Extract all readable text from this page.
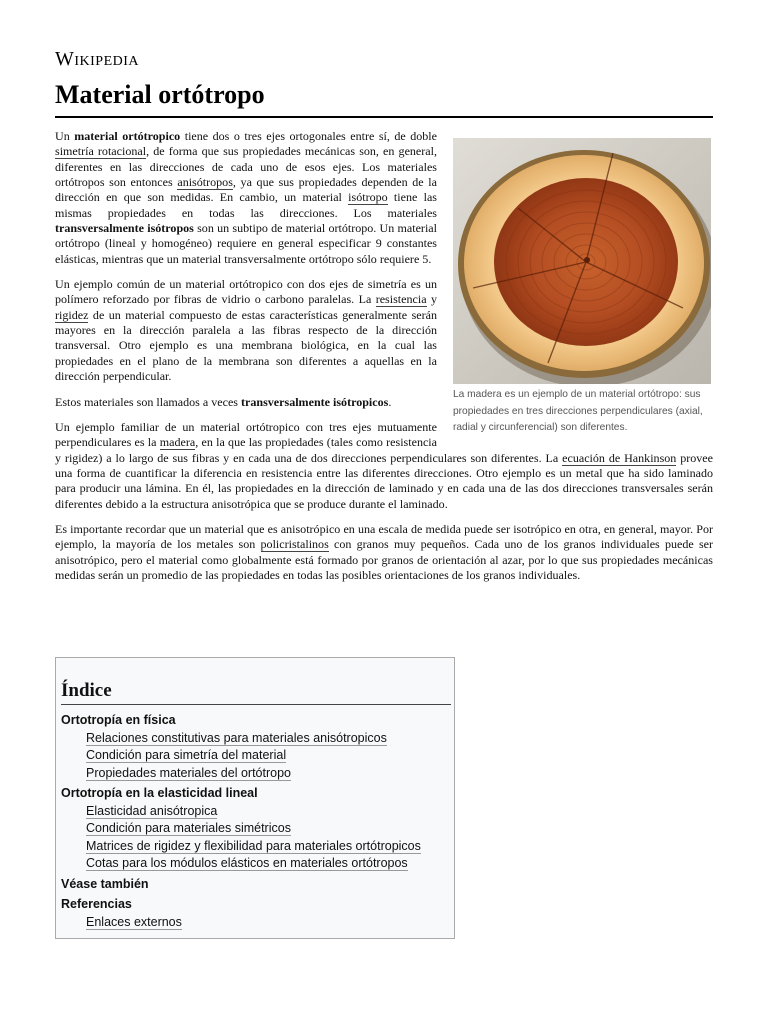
Wikipedia
Material ortótropo
La madera es un ejemplo de un material ortótropo: sus propiedades en tres direcciones perpendiculares (axial, radial y circunferencial) son diferentes.

Un material ortótropico tiene dos o tres ejes ortogonales entre sí, de doble simetría rotacional, de forma que sus propiedades mecánicas son, en general, diferentes en las direcciones de cada uno de esos ejes. Los materiales ortótropos son entonces anisótropos, ya que sus propiedades dependen de la dirección en que son medidas. En cambio, un material isótropo tiene las mismas propiedades en todas las direcciones. Los materiales transversalmente isótropos son un subtipo de material ortótropo. Un material ortótropo (lineal y homogéneo) requiere en general especificar 9 constantes elásticas, mientras que un material transversalmente ortótropo sólo requiere 5.

Un ejemplo común de un material ortótropico con dos ejes de simetría es un polímero reforzado por fibras de vidrio o carbono paralelas. La resistencia y rigidez de un material compuesto de estas características generalmente serán mayores en la dirección paralela a las fibras respecto de la dirección transversal. Otro ejemplo es una membrana biológica, en la cual las propiedades en el plano de la membrana son diferentes a aquellas en la dirección perpendicular.

Estos materiales son llamados a veces transversalmente isótropicos.

Un ejemplo familiar de un material ortótropico con tres ejes mutuamente perpendiculares es la madera, en la que las propiedades (tales como resistencia y rigidez) a lo largo de sus fibras y en cada una de dos direcciones perpendiculares son diferentes. La ecuación de Hankinson provee una forma de cuantificar la diferencia en resistencia entre las diferentes direcciones. Otro ejemplo es un metal que ha sido laminado para producir una lámina. En él, las propiedades en la dirección de laminado y en cada una de las dos direcciones transversales serán diferentes debido a la estructura anisotrópica que se produce durante el laminado.

Es importante recordar que un material que es anisotrópico en una escala de medida puede ser isotrópico en otra, en general, mayor. Por ejemplo, la mayoría de los metales son policristalinos con granos muy pequeños. Cada uno de los granos individuales puede ser anisotrópico, pero el material como globalmente está formado por granos de orientación al azar, por lo que sus propiedades mecánicas medidas serán un promedio de las propiedades en todas las posibles orientaciones de los granos individuales.

Índice
Ortotropía en física
Relaciones constitutivas para materiales anisótropicos
Condición para simetría del material
Propiedades materiales del ortótropo
Ortotropía en la elasticidad lineal
Elasticidad anisótropica
Condición para materiales simétricos
Matrices de rigidez y flexibilidad para materiales ortótropicos
Cotas para los módulos elásticos en materiales ortótropos
Véase también
Referencias
Enlaces externos
